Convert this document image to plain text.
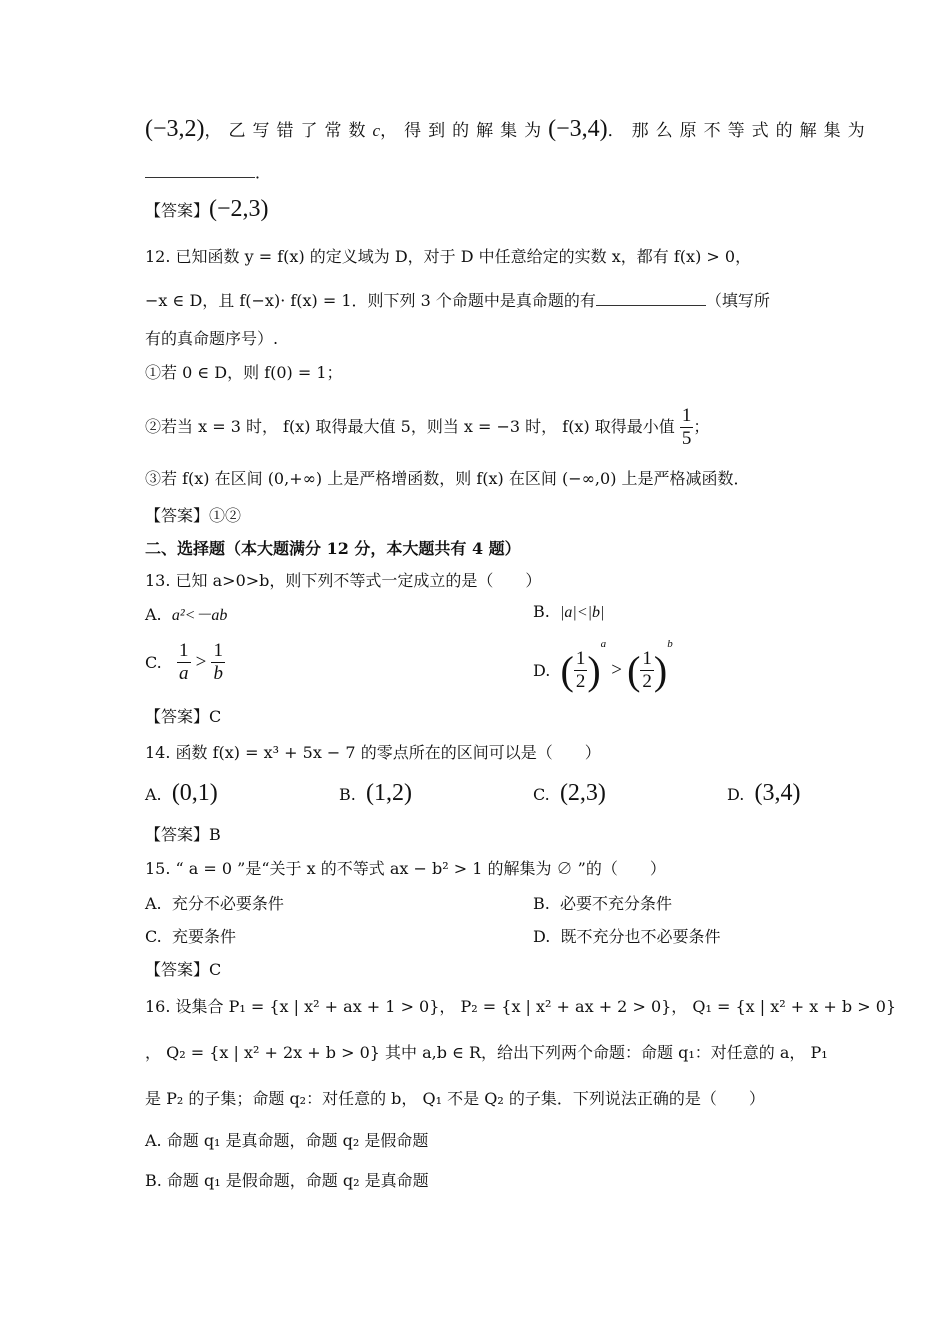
(−3,2)，乙写错了常数c，得到的解集为(−3,4)．那么原不等式的解集为
．
【答案】(−2,3)
12. 已知函数 y = f(x) 的定义域为 D，对于 D 中任意给定的实数 x，都有 f(x) > 0，
−x ∈ D，且 f(−x)· f(x) = 1．则下列 3 个命题中是真命题的有	（填写所
有的真命题序号）.
①若 0 ∈ D，则 f(0) = 1；
②若当 x = 3 时， f(x) 取得最大值 5，则当 x = −3 时， f(x) 取得最小值 $\frac{1}{5}$ ；
③若 f(x) 在区间 (0,+∞) 上是严格增函数，则 f(x) 在区间 (−∞,0) 上是严格减函数．
【答案】①②
二、选择题（本大题满分 12 分，本大题共有 4 题）
13. 已知 a>0>b，则下列不等式一定成立的是（　　）
A. a²<－ab	B. |a|<|b|
C. $\frac{1}{a} > \frac{1}{b}$	D. ( $\frac{1}{2} )^a$ > ( $\frac{1}{2} )^b$
【答案】C
14. 函数 f(x) = x³ + 5x − 7 的零点所在的区间可以是（　　）
A. (0,1)	B. (1,2)	C. (2,3)	D. (3,4)
【答案】B
15. “ a = 0 ”是“关于 x 的不等式 ax − b² > 1 的解集为 ∅ ”的（　　）
A. 充分不必要条件	B. 必要不充分条件
C. 充要条件	D. 既不充分也不必要条件
【答案】C
16. 设集合 P₁ = {x | x² + ax + 1 > 0}， P₂ = {x | x² + ax + 2 > 0}， Q₁ = {x | x² + x + b > 0}
， Q₂ = {x | x² + 2x + b > 0} 其中 a,b ∈ R，给出下列两个命题：命题 q₁：对任意的 a， P₁
是 P₂ 的子集；命题 q₂：对任意的 b， Q₁ 不是 Q₂ 的子集．下列说法正确的是（　　）
A. 命题 q₁ 是真命题，命题 q₂ 是假命题
B. 命题 q₁ 是假命题，命题 q₂ 是真命题
